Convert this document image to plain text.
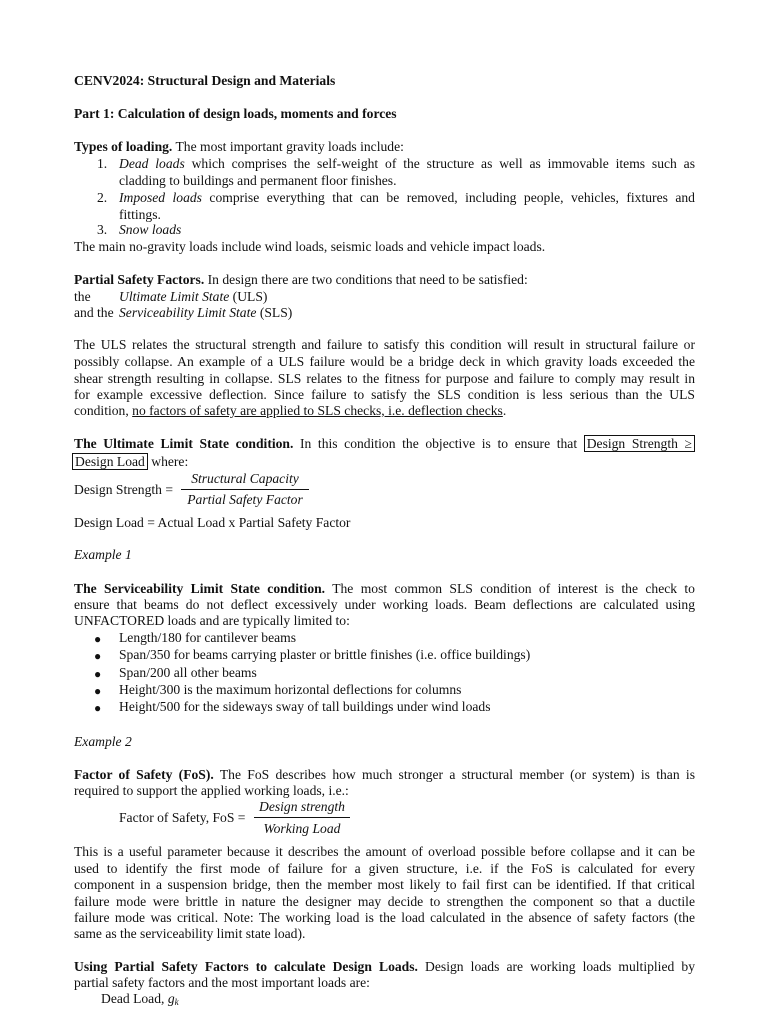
CENV2024: Structural Design and Materials
Part 1: Calculation of design loads, moments and forces
Types of loading. The most important gravity loads include:
1. Dead loads which comprises the self-weight of the structure as well as immovable items such as
cladding to buildings and permanent floor finishes.
2. Imposed loads comprise everything that can be removed, including people, vehicles, fixtures and
fittings.
3. Snow loads
The main no-gravity loads include wind loads, seismic loads and vehicle impact loads.
Partial Safety Factors. In design there are two conditions that need to be satisfied:
the Ultimate Limit State (ULS)
and the Serviceability Limit State (SLS)
The ULS relates the structural strength and failure to satisfy this condition will result in structural failure or
possibly collapse. An example of a ULS failure would be a bridge deck in which gravity loads exceeded the
shear strength resulting in collapse. SLS relates to the fitness for purpose and failure to comply may result in
for example excessive deflection. Since failure to satisfy the SLS condition is less serious than the ULS
condition, no factors of safety are applied to SLS checks, i.e. deflection checks.
The Ultimate Limit State condition. In this condition the objective is to ensure that Design Strength ≥
Design Load where:
Design Strength =
Structural Capacity
Partial Safety Factor
Design Load = Actual Load x Partial Safety Factor
Example 1
The Serviceability Limit State condition. The most common SLS condition of interest is the check to
ensure that beams do not deflect excessively under working loads. Beam deflections are calculated using
UNFACTORED loads and are typically limited to:
● Length/180 for cantilever beams
● Span/350 for beams carrying plaster or brittle finishes (i.e. office buildings)
● Span/200 all other beams
● Height/300 is the maximum horizontal deflections for columns
● Height/500 for the sideways sway of tall buildings under wind loads
Example 2
Factor of Safety (FoS). The FoS describes how much stronger a structural member (or system) is than is
required to support the applied working loads, i.e.:
Factor of Safety, FoS =
Design strength
Working Load
This is a useful parameter because it describes the amount of overload possible before collapse and it can be
used to identify the first mode of failure for a given structure, i.e. if the FoS is calculated for every
component in a suspension bridge, then the member most likely to fail first can be identified. If that critical
failure mode were brittle in nature the designer may decide to strengthen the component so that a ductile
failure mode was critical. Note: The working load is the load calculated in the absence of safety factors (the
same as the serviceability limit state load).
Using Partial Safety Factors to calculate Design Loads. Design loads are working loads multiplied by
partial safety factors and the most important loads are:
Dead Load, $g_k$
